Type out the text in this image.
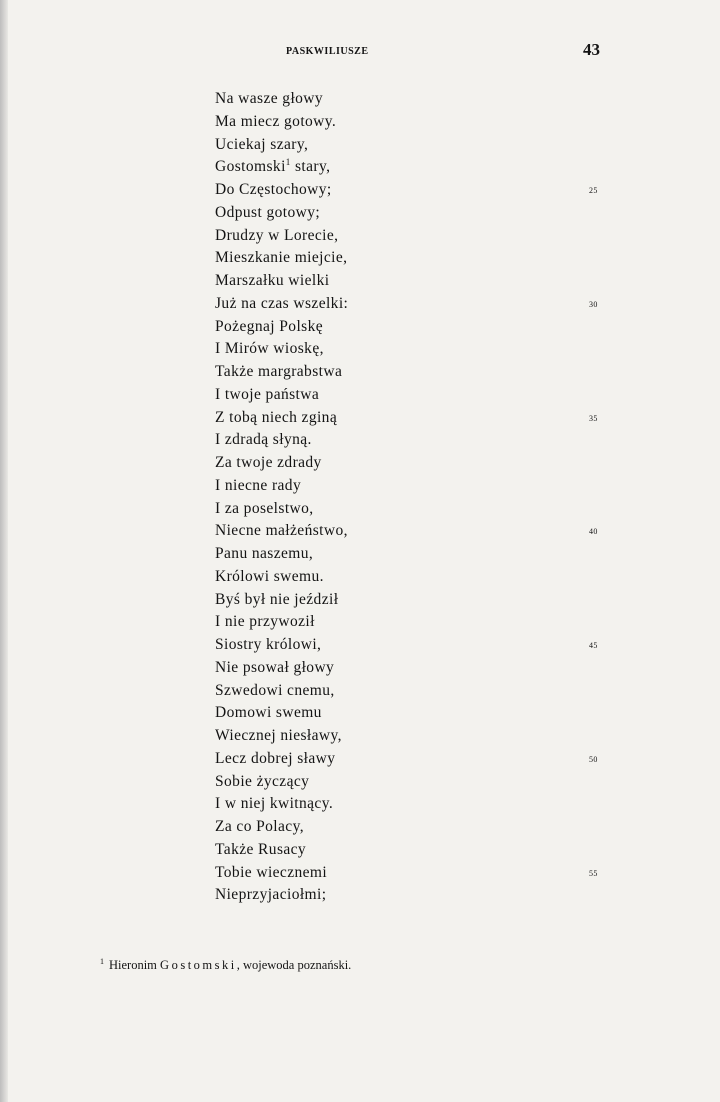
PASKWILIUSZE	43
Na wasze głowy
Ma miecz gotowy.
Uciekaj szary,
Gostomski$^1$ stary,
Do Częstochowy;	25
Odpust gotowy;
Drudzy w Lorecie,
Mieszkanie miejcie,
Marszałku wielki
Już na czas wszelki:	30
Pożegnaj Polskę
I Mirów wioskę,
Także margrabstwa
I twoje państwa
Z tobą niech zginą	35
I zdradą słyną.
Za twoje zdrady
I niecne rady
I za poselstwo,
Niecne małżeństwo,	40
Panu naszemu,
Królowi swemu.
Byś był nie jeździł
I nie przywoził
Siostry królowi,	45
Nie psował głowy
Szwedowi cnemu,
Domowi swemu
Wiecznej niesławy,
Lecz dobrej sławy	50
Sobie życzący
I w niej kwitnący.
Za co Polacy,
Także Rusacy
Tobie wiecznemi	55
Nieprzyjaciołmi;
$^1$ Hieronim Gostomski, wojewoda poznański.
